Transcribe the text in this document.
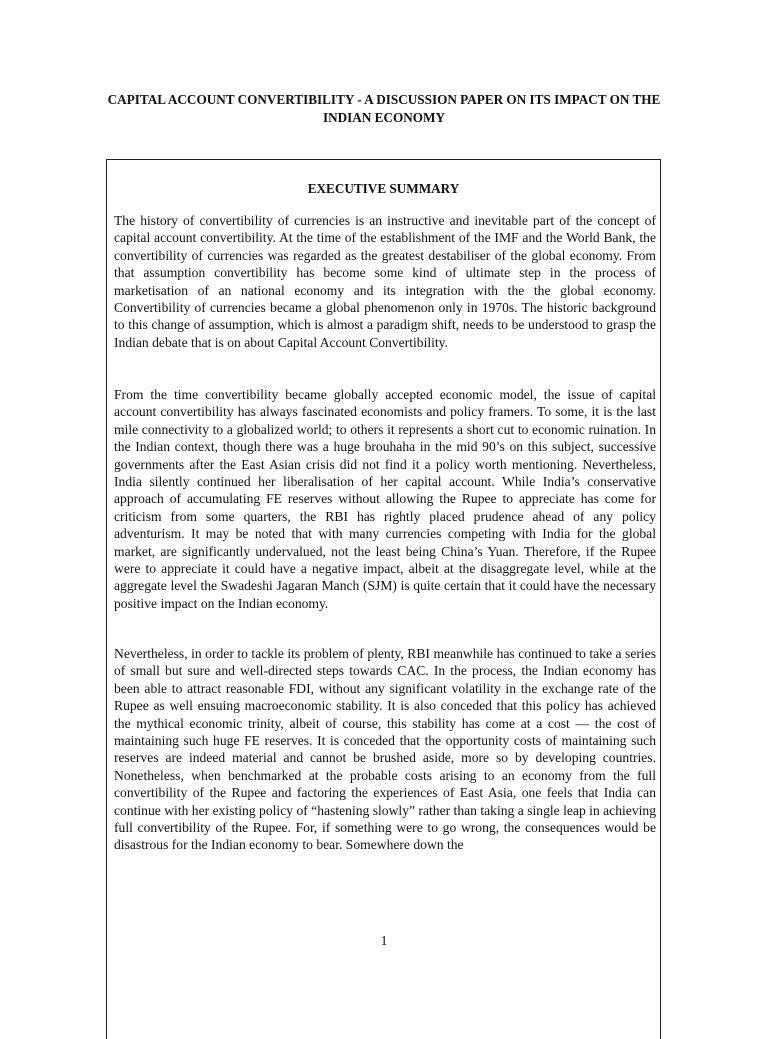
CAPITAL ACCOUNT CONVERTIBILITY - A DISCUSSION PAPER ON ITS IMPACT ON THE INDIAN ECONOMY
EXECUTIVE SUMMARY

The history of convertibility of currencies is an instructive and inevitable part of the concept of capital account convertibility. At the time of the establishment of the IMF and the World Bank, the convertibility of currencies was regarded as the greatest destabiliser of the global economy. From that assumption convertibility has become some kind of ultimate step in the process of marketisation of an national economy and its integration with the the global economy. Convertibility of currencies became a global phenomenon only in 1970s. The historic background to this change of assumption, which is almost a paradigm shift, needs to be understood to grasp the Indian debate that is on about Capital Account Convertibility.

From the time convertibility became globally accepted economic model, the issue of capital account convertibility has always fascinated economists and policy framers. To some, it is the last mile connectivity to a globalized world; to others it represents a short cut to economic ruination. In the Indian context, though there was a huge brouhaha in the mid 90’s on this subject, successive governments after the East Asian crisis did not find it a policy worth mentioning. Nevertheless, India silently continued her liberalisation of her capital account. While India’s conservative approach of accumulating FE reserves without allowing the Rupee to appreciate has come for criticism from some quarters, the RBI has rightly placed prudence ahead of any policy adventurism. It may be noted that with many currencies competing with India for the global market, are significantly undervalued, not the least being China’s Yuan. Therefore, if the Rupee were to appreciate it could have a negative impact, albeit at the disaggregate level, while at the aggregate level the Swadeshi Jagaran Manch (SJM) is quite certain that it could have the necessary positive impact on the Indian economy.

Nevertheless, in order to tackle its problem of plenty, RBI meanwhile has continued to take a series of small but sure and well-directed steps towards CAC. In the process, the Indian economy has been able to attract reasonable FDI, without any significant volatility in the exchange rate of the Rupee as well ensuing macroeconomic stability. It is also conceded that this policy has achieved the mythical economic trinity, albeit of course, this stability has come at a cost — the cost of maintaining such huge FE reserves. It is conceded that the opportunity costs of maintaining such reserves are indeed material and cannot be brushed aside, more so by developing countries. Nonetheless, when benchmarked at the probable costs arising to an economy from the full convertibility of the Rupee and factoring the experiences of East Asia, one feels that India can continue with her existing policy of “hastening slowly” rather than taking a single leap in achieving full convertibility of the Rupee. For, if something were to go wrong, the consequences would be disastrous for the Indian economy to bear. Somewhere down the

1
